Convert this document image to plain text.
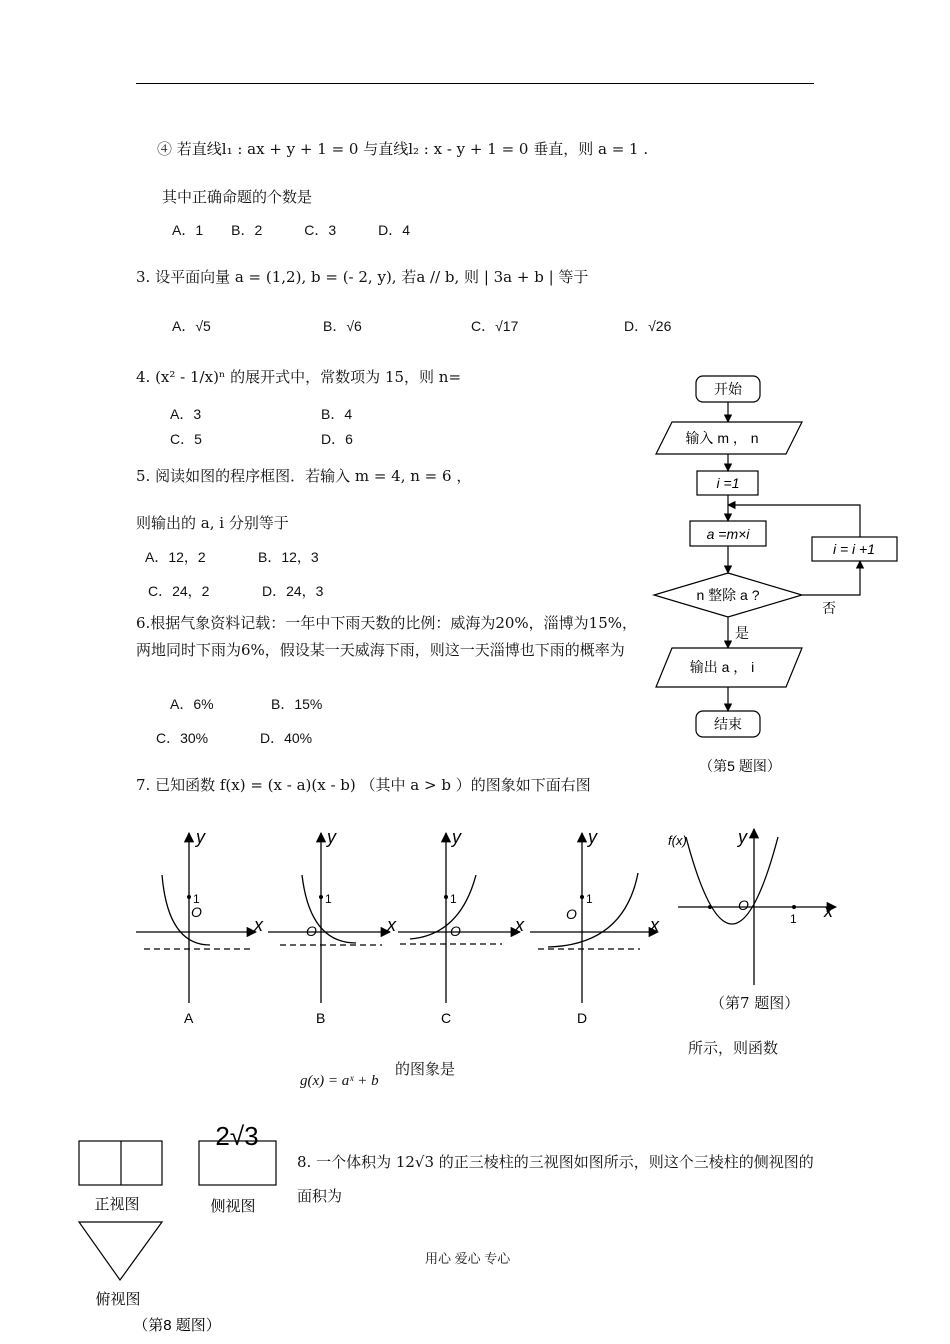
④ 若直线l₁ : ax + y + 1 = 0 与直线l₂ : x - y + 1 = 0 垂直，则 a = 1 .
其中正确命题的个数是
A．1　　B．2　　　C．3　　　D．4
3. 设平面向量 a = (1,2), b = (- 2, y), 若a // b, 则 | 3a + b | 等于
A．√5	B．√6	C．√17	D．√26
4. (x² - 1/x)ⁿ 的展开式中，常数项为 15，则 n=
A．3	B．4
C．5	D．6
5. 阅读如图的程序框图．若输入 m = 4, n = 6 ，
则输出的 a, i 分别等于
A．12，2	B．12，3
C．24，2	D．24，3
6.根据气象资料记载：一年中下雨天数的比例：威海为20%，淄博为15%，两地同时下雨为6%，假设某一天威海下雨，则这一天淄博也下雨的概率为
A．6%	B．15%
C．30%	D．40%
开始
输入 m ， n
i =1
a =m×i
i = i +1
n 整除 a ?
否
是
输出 a ， i
结束
（第5 题图）
7. 已知函数 f(x) = (x - a)(x - b) （其中 a > b ）的图象如下面右图
y
x
1
O
A
y
x
1
O
B
y
x
1
O
C
y
x
1
O
D
f(x)	y
x
O
1
（第7 题图）
所示，则函数
g(x) = aˣ + b
的图象是
2√3
正视图	侧视图
俯视图
（第8 题图）
8. 一个体积为 12√3 的正三棱柱的三视图如图所示，则这个三棱柱的侧视图的面积为
用心 爱心 专心
